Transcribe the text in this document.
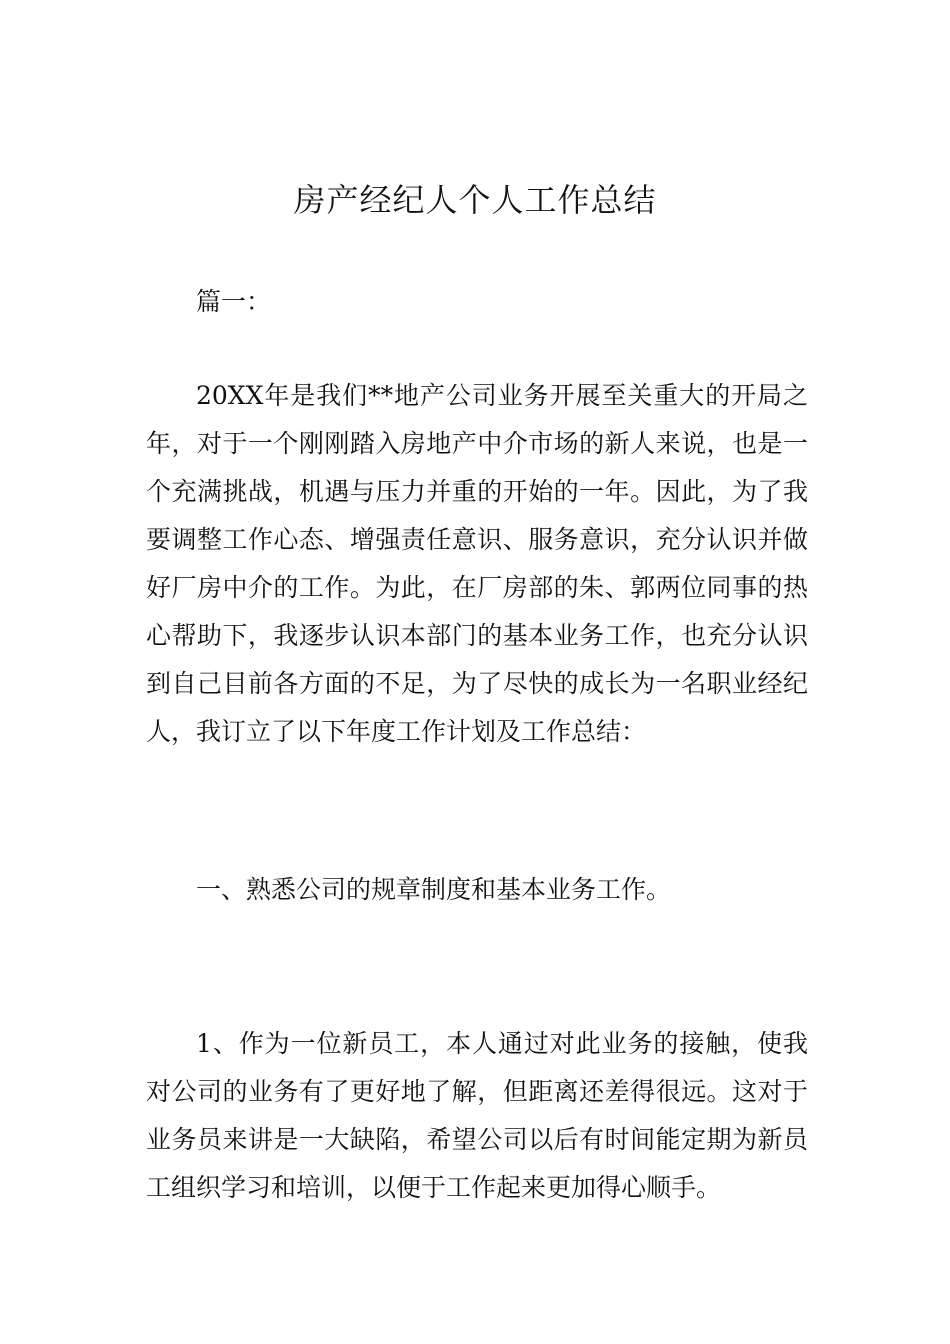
房产经纪人个人工作总结

篇一：

20XX年是我们**地产公司业务开展至关重大的开局之年，对于一个刚刚踏入房地产中介市场的新人来说，也是一个充满挑战，机遇与压力并重的开始的一年。因此，为了我要调整工作心态、增强责任意识、服务意识，充分认识并做好厂房中介的工作。为此，在厂房部的朱、郭两位同事的热心帮助下，我逐步认识本部门的基本业务工作，也充分认识到自己目前各方面的不足，为了尽快的成长为一名职业经纪人，我订立了以下年度工作计划及工作总结：

一、熟悉公司的规章制度和基本业务工作。

1、作为一位新员工，本人通过对此业务的接触，使我对公司的业务有了更好地了解，但距离还差得很远。这对于业务员来讲是一大缺陷，希望公司以后有时间能定期为新员工组织学习和培训，以便于工作起来更加得心顺手。
